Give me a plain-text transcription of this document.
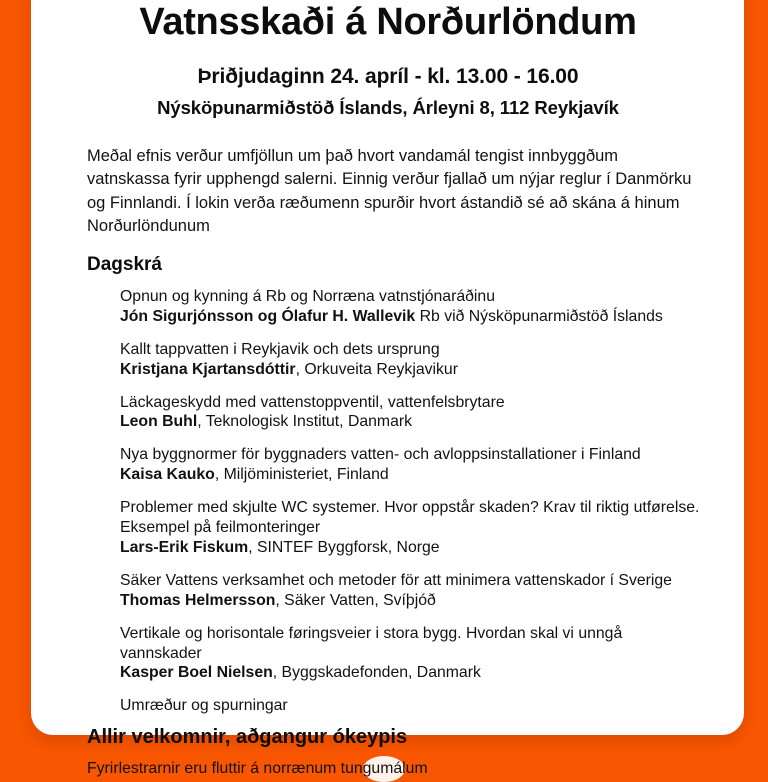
Vatnsskaði á Norðurlöndum

Þriðjudaginn 24. apríl - kl. 13.00 - 16.00

Nýsköpunarmiðstöð Íslands, Árleyni 8, 112 Reykjavík

Meðal efnis verður umfjöllun um það hvort vandamál tengist innbyggðum vatnskassa fyrir upphengd salerni. Einnig verður fjallað um nýjar reglur í Danmörku og Finnlandi. Í lokin verða ræðumenn spurðir hvort ástandið sé að skána á hinum Norðurlöndunum

Dagskrá
Opnun og kynning á Rb og Norræna vatnstjónaráðinu
Jón Sigurjónsson og Ólafur H. Wallevik Rb við Nýsköpunarmiðstöð Íslands
Kallt tappvatten i Reykjavik och dets ursprung
Kristjana Kjartansdóttir, Orkuveita Reykjavikur
Läckageskydd med vattenstoppventil, vattenfelsbrytare
Leon Buhl, Teknologisk Institut, Danmark
Nya byggnormer för byggnaders vatten- och avloppsinstallationer i Finland
Kaisa Kauko, Miljöministeriet, Finland
Problemer med skjulte WC systemer. Hvor oppstår skaden? Krav til riktig utførelse. Eksempel på feilmonteringer
Lars-Erik Fiskum, SINTEF Byggforsk, Norge
Säker Vattens verksamhet och metoder för att minimera vattenskador í Sverige
Thomas Helmersson, Säker Vatten, Svíþjóð
Vertikale og horisontale føringsveier i stora bygg. Hvordan skal vi unngå vannskader
Kasper Boel Nielsen, Byggskadefonden, Danmark
Umræður og spurningar

Allir velkomnir, aðgangur ókeypis

Fyrirlestrarnir eru fluttir á norrænum tungumálum
